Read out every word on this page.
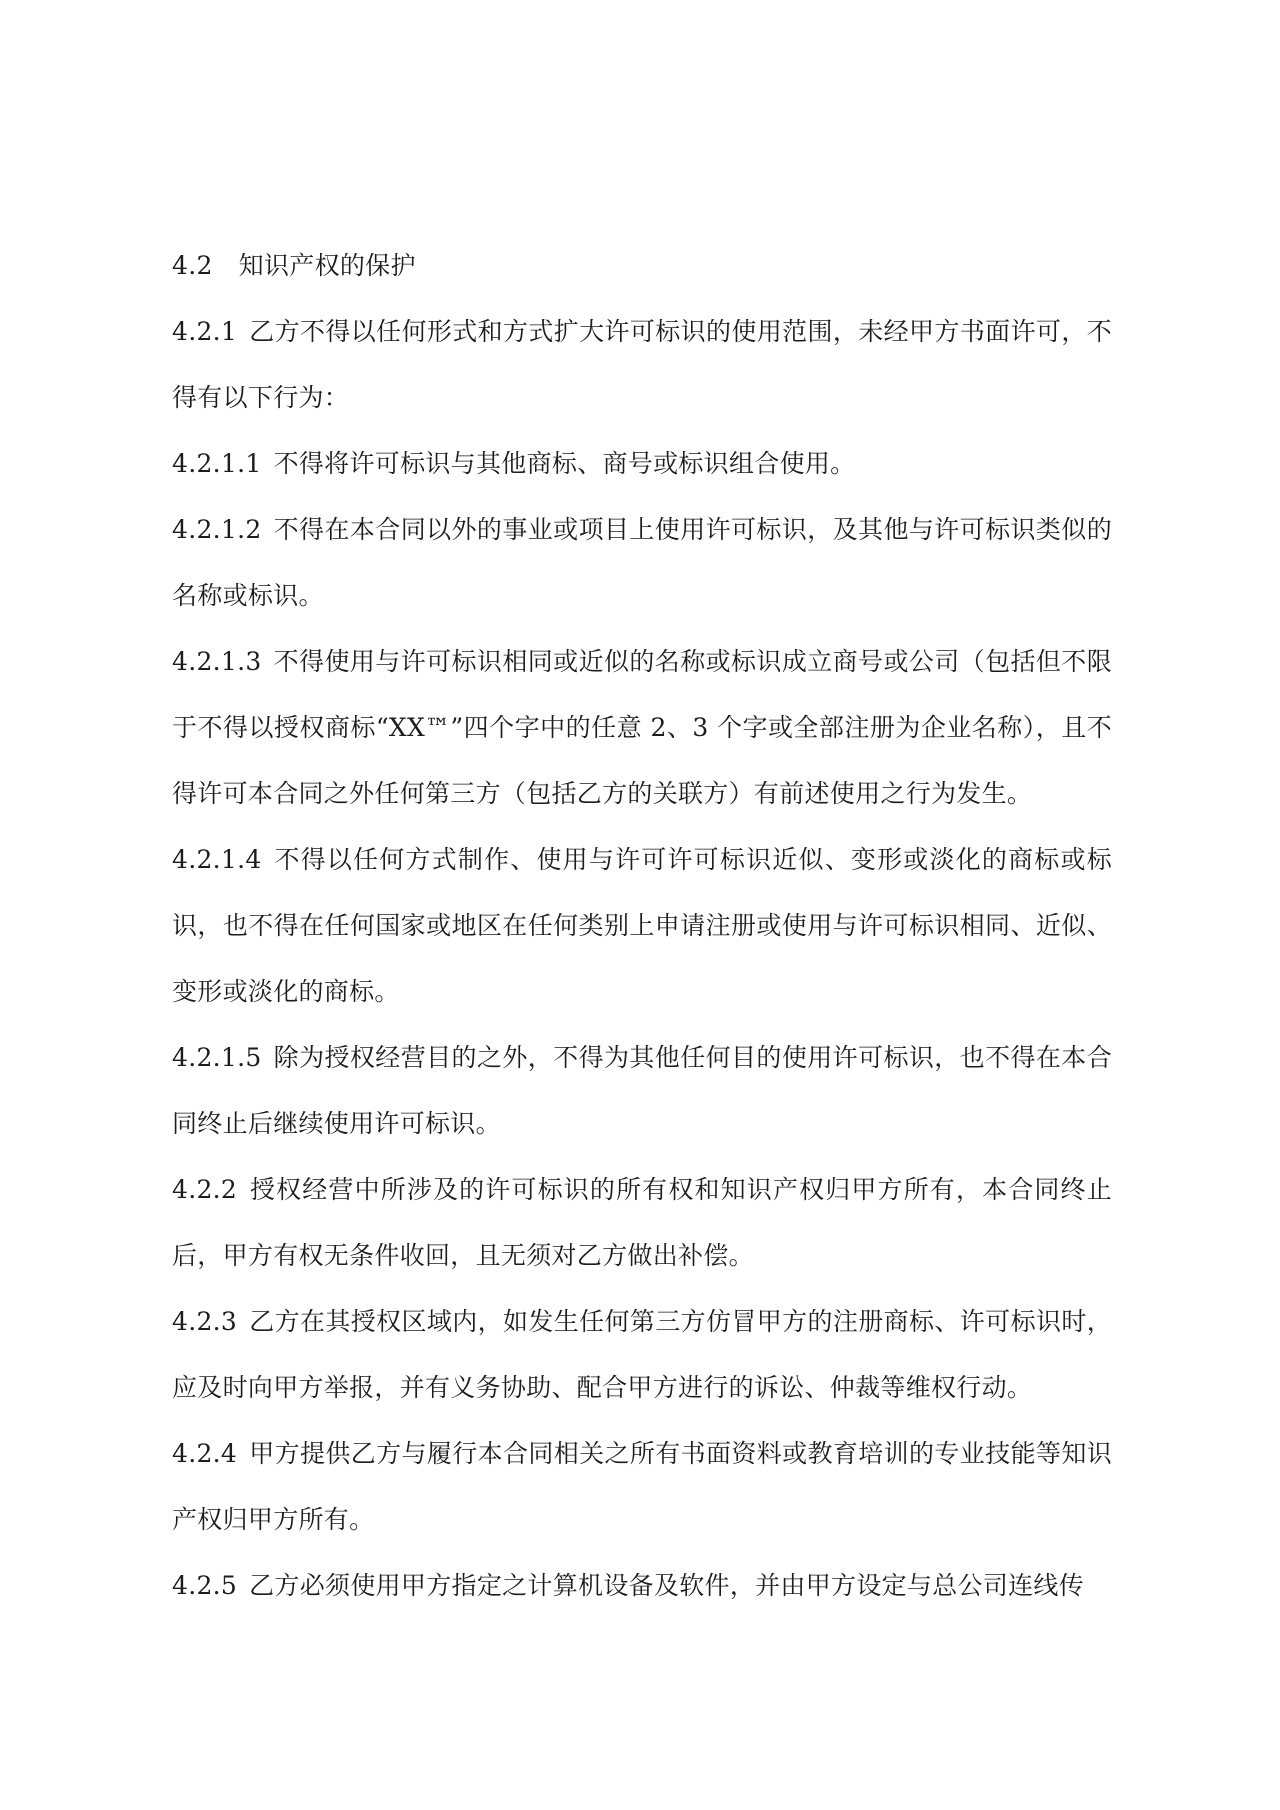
4.2 知识产权的保护

4.2.1 乙方不得以任何形式和方式扩大许可标识的使用范围，未经甲方书面许可，不得有以下行为：

4.2.1.1 不得将许可标识与其他商标、商号或标识组合使用。

4.2.1.2 不得在本合同以外的事业或项目上使用许可标识，及其他与许可标识类似的名称或标识。

4.2.1.3 不得使用与许可标识相同或近似的名称或标识成立商号或公司（包括但不限于不得以授权商标“XX™”四个字中的任意 2、3 个字或全部注册为企业名称），且不得许可本合同之外任何第三方（包括乙方的关联方）有前述使用之行为发生。

4.2.1.4 不得以任何方式制作、使用与许可许可标识近似、变形或淡化的商标或标识，也不得在任何国家或地区在任何类别上申请注册或使用与许可标识相同、近似、变形或淡化的商标。

4.2.1.5 除为授权经营目的之外，不得为其他任何目的使用许可标识，也不得在本合同终止后继续使用许可标识。

4.2.2 授权经营中所涉及的许可标识的所有权和知识产权归甲方所有，本合同终止后，甲方有权无条件收回，且无须对乙方做出补偿。

4.2.3 乙方在其授权区域内，如发生任何第三方仿冒甲方的注册商标、许可标识时，应及时向甲方举报，并有义务协助、配合甲方进行的诉讼、仲裁等维权行动。

4.2.4 甲方提供乙方与履行本合同相关之所有书面资料或教育培训的专业技能等知识产权归甲方所有。

4.2.5 乙方必须使用甲方指定之计算机设备及软件，并由甲方设定与总公司连线传
